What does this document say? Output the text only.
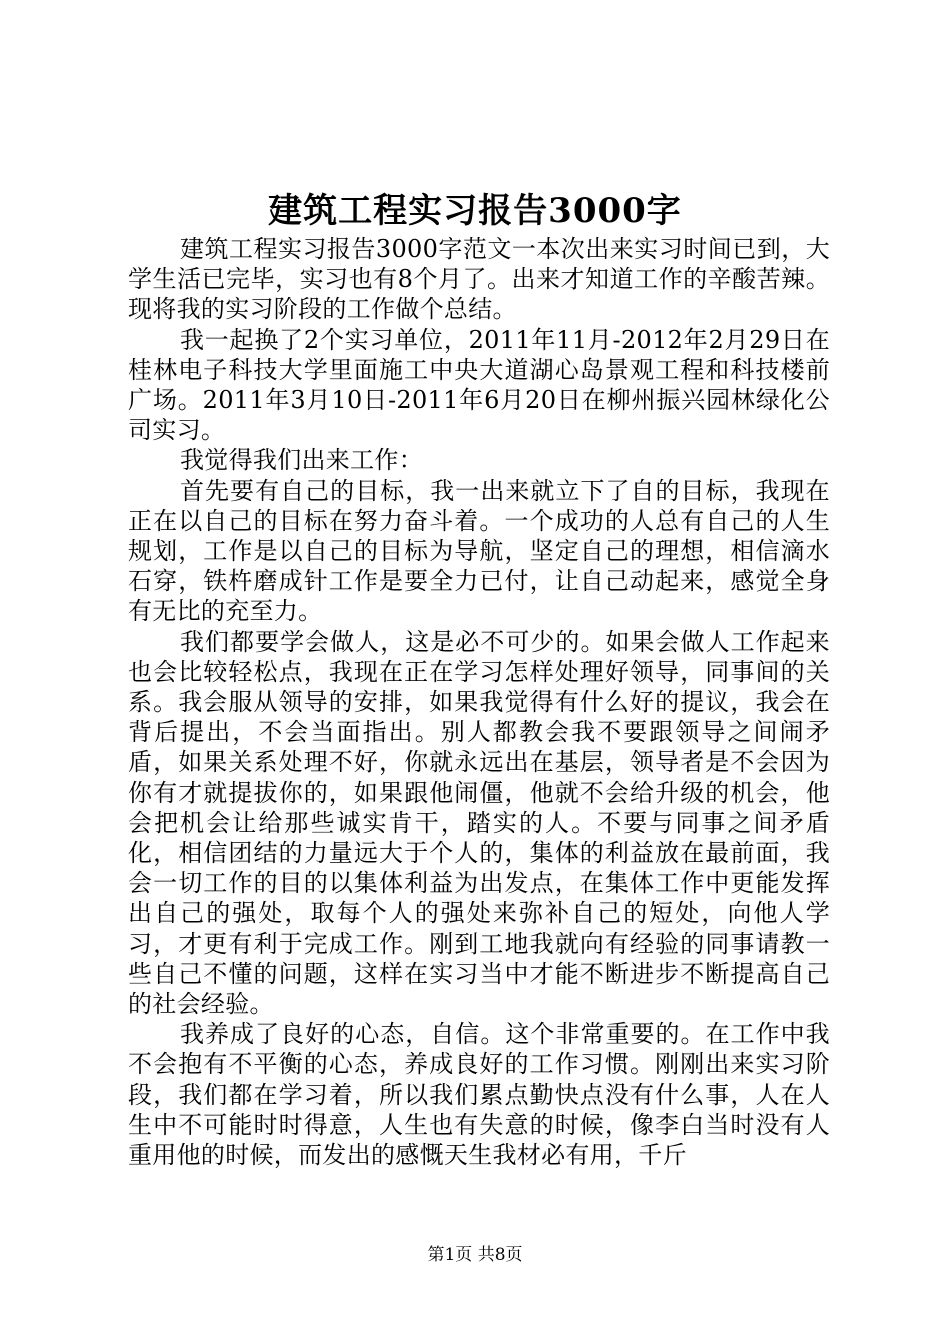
建筑工程实习报告3000字

建筑工程实习报告3000字范文一本次出来实习时间已到，大学生活已完毕，实习也有8个月了。出来才知道工作的辛酸苦辣。现将我的实习阶段的工作做个总结。

我一起换了2个实习单位，2011年11月-2012年2月29日在桂林电子科技大学里面施工中央大道湖心岛景观工程和科技楼前广场。2011年3月10日-2011年6月20日在柳州振兴园林绿化公司实习。

我觉得我们出来工作：

首先要有自己的目标，我一出来就立下了自的目标，我现在正在以自己的目标在努力奋斗着。一个成功的人总有自己的人生规划，工作是以自己的目标为导航，坚定自己的理想，相信滴水石穿，铁杵磨成针工作是要全力已付，让自己动起来，感觉全身有无比的充至力。

我们都要学会做人，这是必不可少的。如果会做人工作起来也会比较轻松点，我现在正在学习怎样处理好领导，同事间的关系。我会服从领导的安排，如果我觉得有什么好的提议，我会在背后提出，不会当面指出。别人都教会我不要跟领导之间闹矛盾，如果关系处理不好，你就永远出在基层，领导者是不会因为你有才就提拔你的，如果跟他闹僵，他就不会给升级的机会，他会把机会让给那些诚实肯干，踏实的人。不要与同事之间矛盾化，相信团结的力量远大于个人的，集体的利益放在最前面，我会一切工作的目的以集体利益为出发点，在集体工作中更能发挥出自己的强处，取每个人的强处来弥补自己的短处，向他人学习，才更有利于完成工作。刚到工地我就向有经验的同事请教一些自己不懂的问题，这样在实习当中才能不断进步不断提高自己的社会经验。

我养成了良好的心态，自信。这个非常重要的。在工作中我不会抱有不平衡的心态，养成良好的工作习惯。刚刚出来实习阶段，我们都在学习着，所以我们累点勤快点没有什么事，人在人生中不可能时时得意，人生也有失意的时候，像李白当时没有人重用他的时候，而发出的感慨天生我材必有用，千斤

第1页 共8页
